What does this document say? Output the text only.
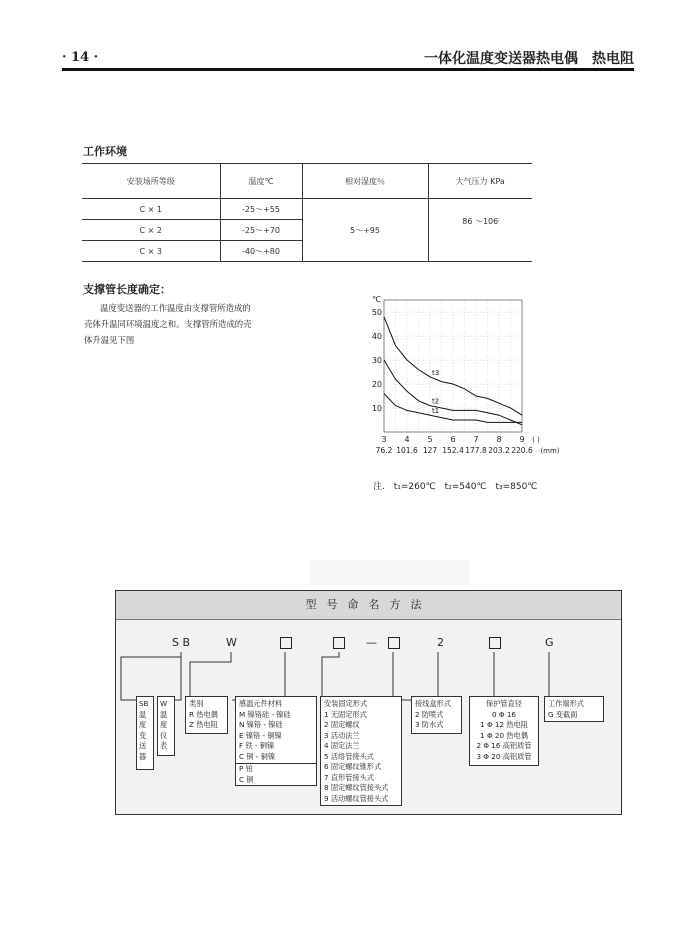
· 14 ·	一体化温度变送器热电偶　热电阻
工作环境
安装场所等级	温度℃	相对湿度％	大气压力 KPa
C × 1	-25～+55	5～+95	86 ～106
C × 2	-25～+70		
C × 3	-40～+80		
支撑管长度确定：
温度变送器的工作温度由支撑管所造成的
壳体升温同环境温度之和。支撑管所造成的壳
体升温见下图
10
20
30
40
50
℃
3 4 5 6 7 8 9 ( )
76.2 101.6 127 152.4 177.8 203.2 220.6 (mm)
t1
t2
t3
注. t₁=260℃ t₂=540℃ t₃=850℃
型号命名方法
S B	W	—	2	G
SB
温
度
变
送
器
W
温
度
仪
表
类别
R 热电偶
Z 热电阻
感温元件材料
M 镍铬硅 - 镍硅
N 镍铬 - 镍硅
E 镍铬 - 铜镍
F 铁 - 铜镍
C 铜 - 铜镍
P 铂
C 铜
安装固定形式
1 无固定形式
2 固定螺纹
3 活动法兰
4 固定法兰
5 活络管接头式
6 固定螺纹锥形式
7 直形管接头式
8 固定螺纹管接头式
9 活动螺纹管接头式
接线盒形式
2 防喷式
3 防水式
保护管直径
0 Φ 16
1 Φ 12 热电阻
1 Φ 20 热电偶
2 Φ 16 高铝质管
3 Φ 20 高铝质管
工作端形式
G 变截面
